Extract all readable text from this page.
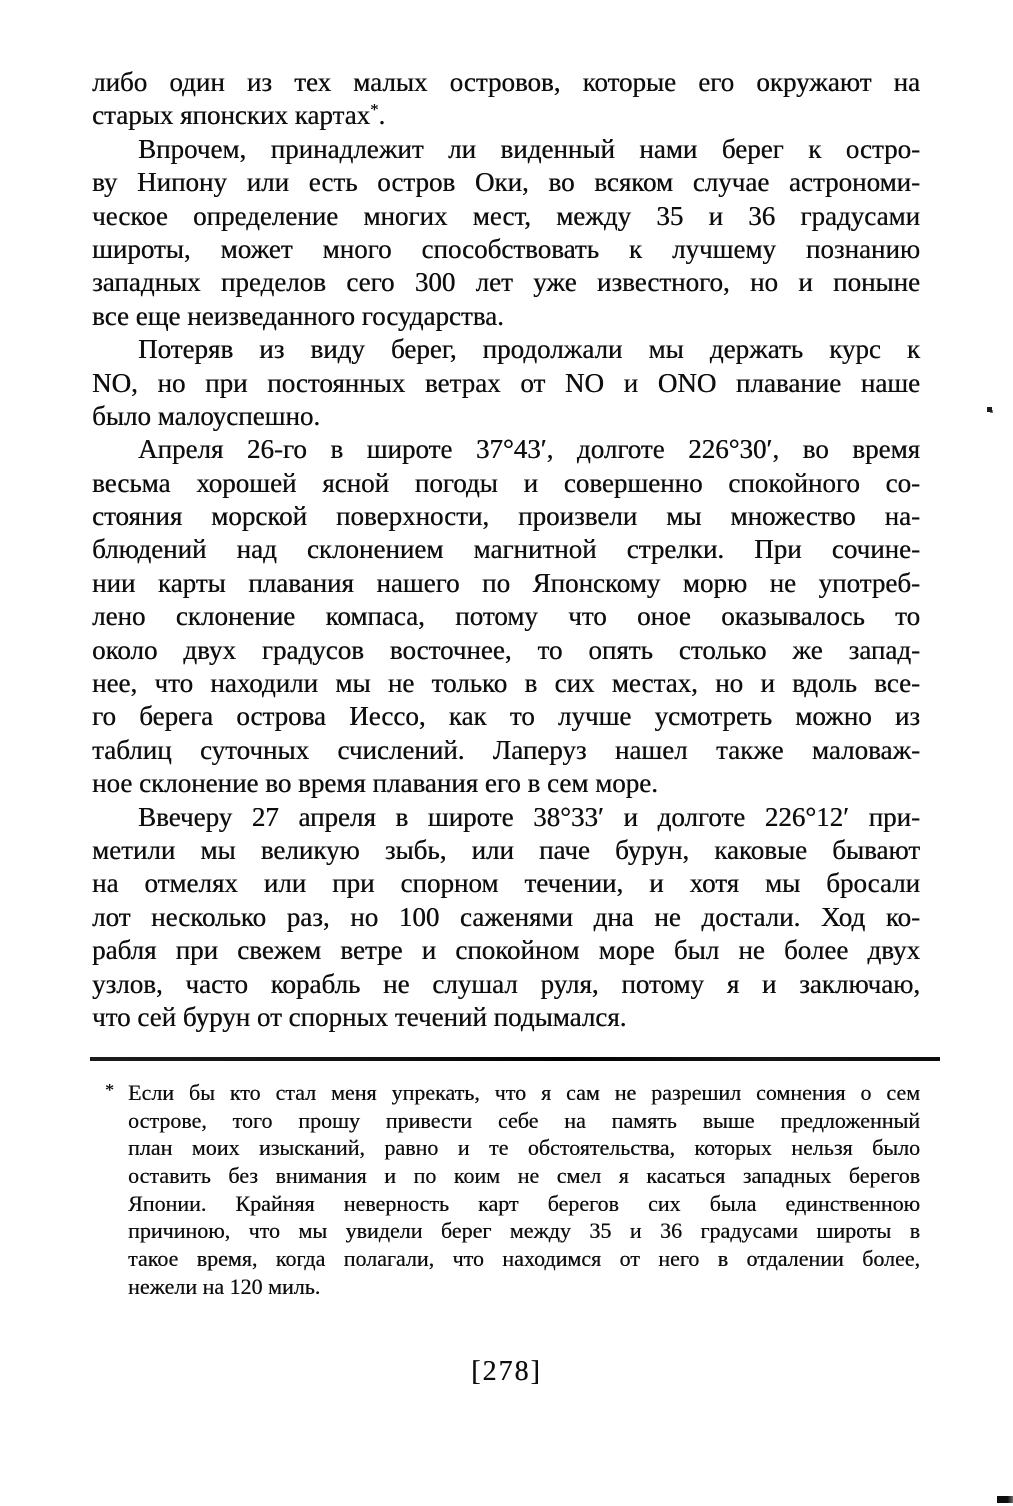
либо один из тех малых островов, которые его окружают на
старых японских картах*.
Впрочем, принадлежит ли виденный нами берег к остро-
ву Нипону или есть остров Оки, во всяком случае астрономи-
ческое определение многих мест, между 35 и 36 градусами
широты, может много способствовать к лучшему познанию
западных пределов сего 300 лет уже известного, но и поныне
все еще неизведанного государства.
Потеряв из виду берег, продолжали мы держать курс к
NO, но при постоянных ветрах от NO и ONO плавание наше
было малоуспешно.
Апреля 26-го в широте 37°43′, долготе 226°30′, во время
весьма хорошей ясной погоды и совершенно спокойного со-
стояния морской поверхности, произвели мы множество на-
блюдений над склонением магнитной стрелки. При сочине-
нии карты плавания нашего по Японскому морю не употреб-
лено склонение компаса, потому что оное оказывалось то
около двух градусов восточнее, то опять столько же запад-
нее, что находили мы не только в сих местах, но и вдоль все-
го берега острова Иессо, как то лучше усмотреть можно из
таблиц суточных счислений. Лаперуз нашел также маловаж-
ное склонение во время плавания его в сем море.
Ввечеру 27 апреля в широте 38°33′ и долготе 226°12′ при-
метили мы великую зыбь, или паче бурун, каковые бывают
на отмелях или при спорном течении, и хотя мы бросали
лот несколько раз, но 100 саженями дна не достали. Ход ко-
рабля при свежем ветре и спокойном море был не более двух
узлов, часто корабль не слушал руля, потому я и заключаю,
что сей бурун от спорных течений подымался.
* Если бы кто стал меня упрекать, что я сам не разрешил сомнения о сем
острове, того прошу привести себе на память выше предложенный
план моих изысканий, равно и те обстоятельства, которых нельзя было
оставить без внимания и по коим не смел я касаться западных берегов
Японии. Крайняя неверность карт берегов сих была единственною
причиною, что мы увидели берег между 35 и 36 градусами широты в
такое время, когда полагали, что находимся от него в отдалении более,
нежели на 120 миль.
[278]
